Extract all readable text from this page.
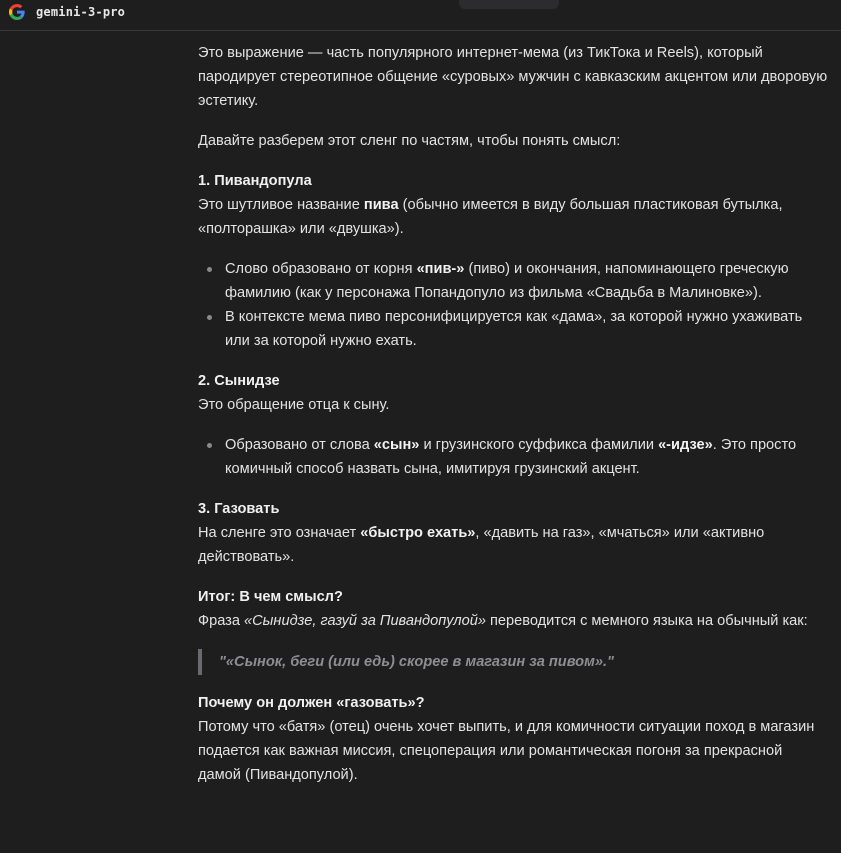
gemini-3-pro

Это выражение — часть популярного интернет-мема (из ТикТока и Reels), который пародирует стереотипное общение «суровых» мужчин с кавказским акцентом или дворовую эстетику.

Давайте разберем этот сленг по частям, чтобы понять смысл:

1. Пивандопула

Это шутливое название пива (обычно имеется в виду большая пластиковая бутылка, «полторашка» или «двушка»).

Слово образовано от корня «пив-» (пиво) и окончания, напоминающего греческую фамилию (как у персонажа Попандопуло из фильма «Свадьба в Малиновке»).
В контексте мема пиво персонифицируется как «дама», за которой нужно ухаживать или за которой нужно ехать.
2. Сынидзе

Это обращение отца к сыну.

Образовано от слова «сын» и грузинского суффикса фамилии «-идзе». Это просто комичный способ назвать сына, имитируя грузинский акцент.
3. Газовать

На сленге это означает «быстро ехать», «давить на газ», «мчаться» или «активно действовать».

Итог: В чем смысл?

Фраза «Сынидзе, газуй за Пивандопулой» переводится с мемного языка на обычный как:

"«Сынок, беги (или едь) скорее в магазин за пивом»."
Почему он должен «газовать»?

Потому что «батя» (отец) очень хочет выпить, и для комичности ситуации поход в магазин подается как важная миссия, спецоперация или романтическая погоня за прекрасной дамой (Пивандопулой).
